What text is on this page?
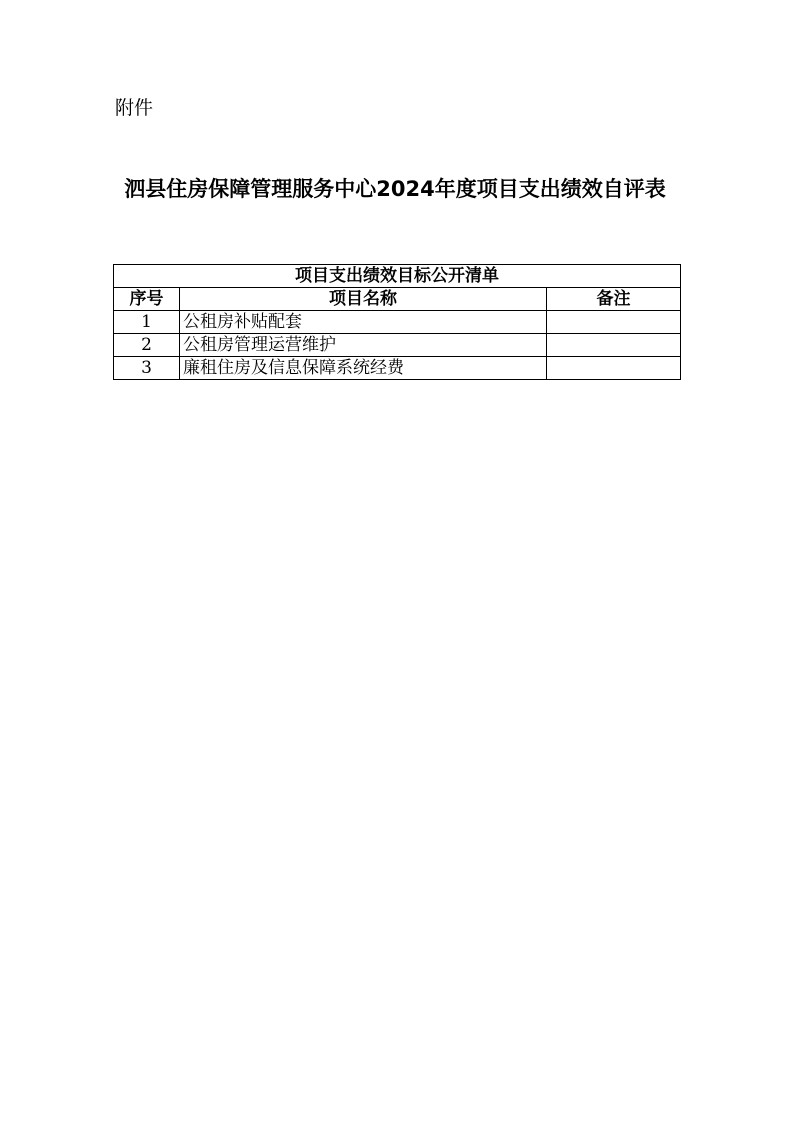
附件
泗县住房保障管理服务中心2024年度项目支出绩效自评表
项目支出绩效目标公开清单		
序号	项目名称	备注
1	公租房补贴配套	
2	公租房管理运营维护	
3	廉租住房及信息保障系统经费	
